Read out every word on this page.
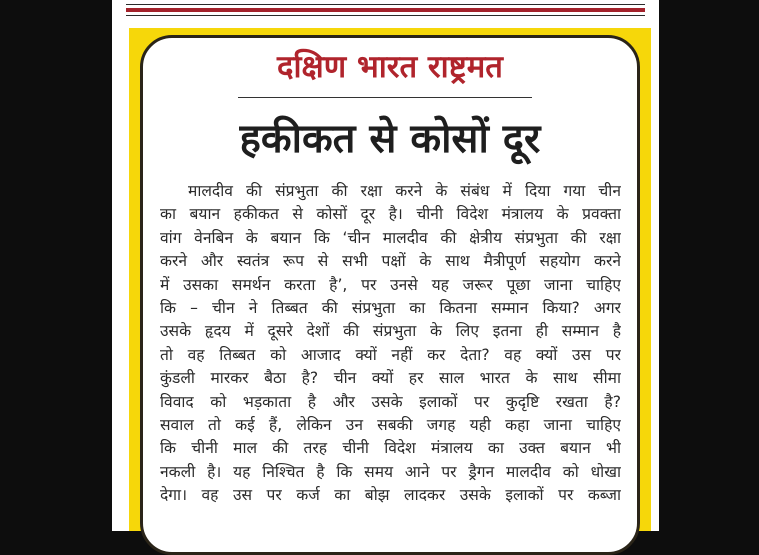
दक्षिण भारत राष्ट्रमत
हकीकत से कोसों दूर
मालदीव की संप्रभुता की रक्षा करने के संबंध में दिया गया चीन
का बयान हकीकत से कोसों दूर है। चीनी विदेश मंत्रालय के प्रवक्ता
वांग वेनबिन के बयान कि ‘चीन मालदीव की क्षेत्रीय संप्रभुता की रक्षा
करने और स्वतंत्र रूप से सभी पक्षों के साथ मैत्रीपूर्ण सहयोग करने
में उसका समर्थन करता है’, पर उनसे यह जरूर पूछा जाना चाहिए
कि – चीन ने तिब्बत की संप्रभुता का कितना सम्मान किया? अगर
उसके हृदय में दूसरे देशों की संप्रभुता के लिए इतना ही सम्मान है
तो वह तिब्बत को आजाद क्यों नहीं कर देता? वह क्यों उस पर
कुंडली मारकर बैठा है? चीन क्यों हर साल भारत के साथ सीमा
विवाद को भड़काता है और उसके इलाकों पर कुदृष्टि रखता है?
सवाल तो कई हैं, लेकिन उन सबकी जगह यही कहा जाना चाहिए
कि चीनी माल की तरह चीनी विदेश मंत्रालय का उक्त बयान भी
नकली है। यह निश्चित है कि समय आने पर ड्रैगन मालदीव को धोखा
देगा। वह उस पर कर्ज का बोझ लादकर उसके इलाकों पर कब्जा
